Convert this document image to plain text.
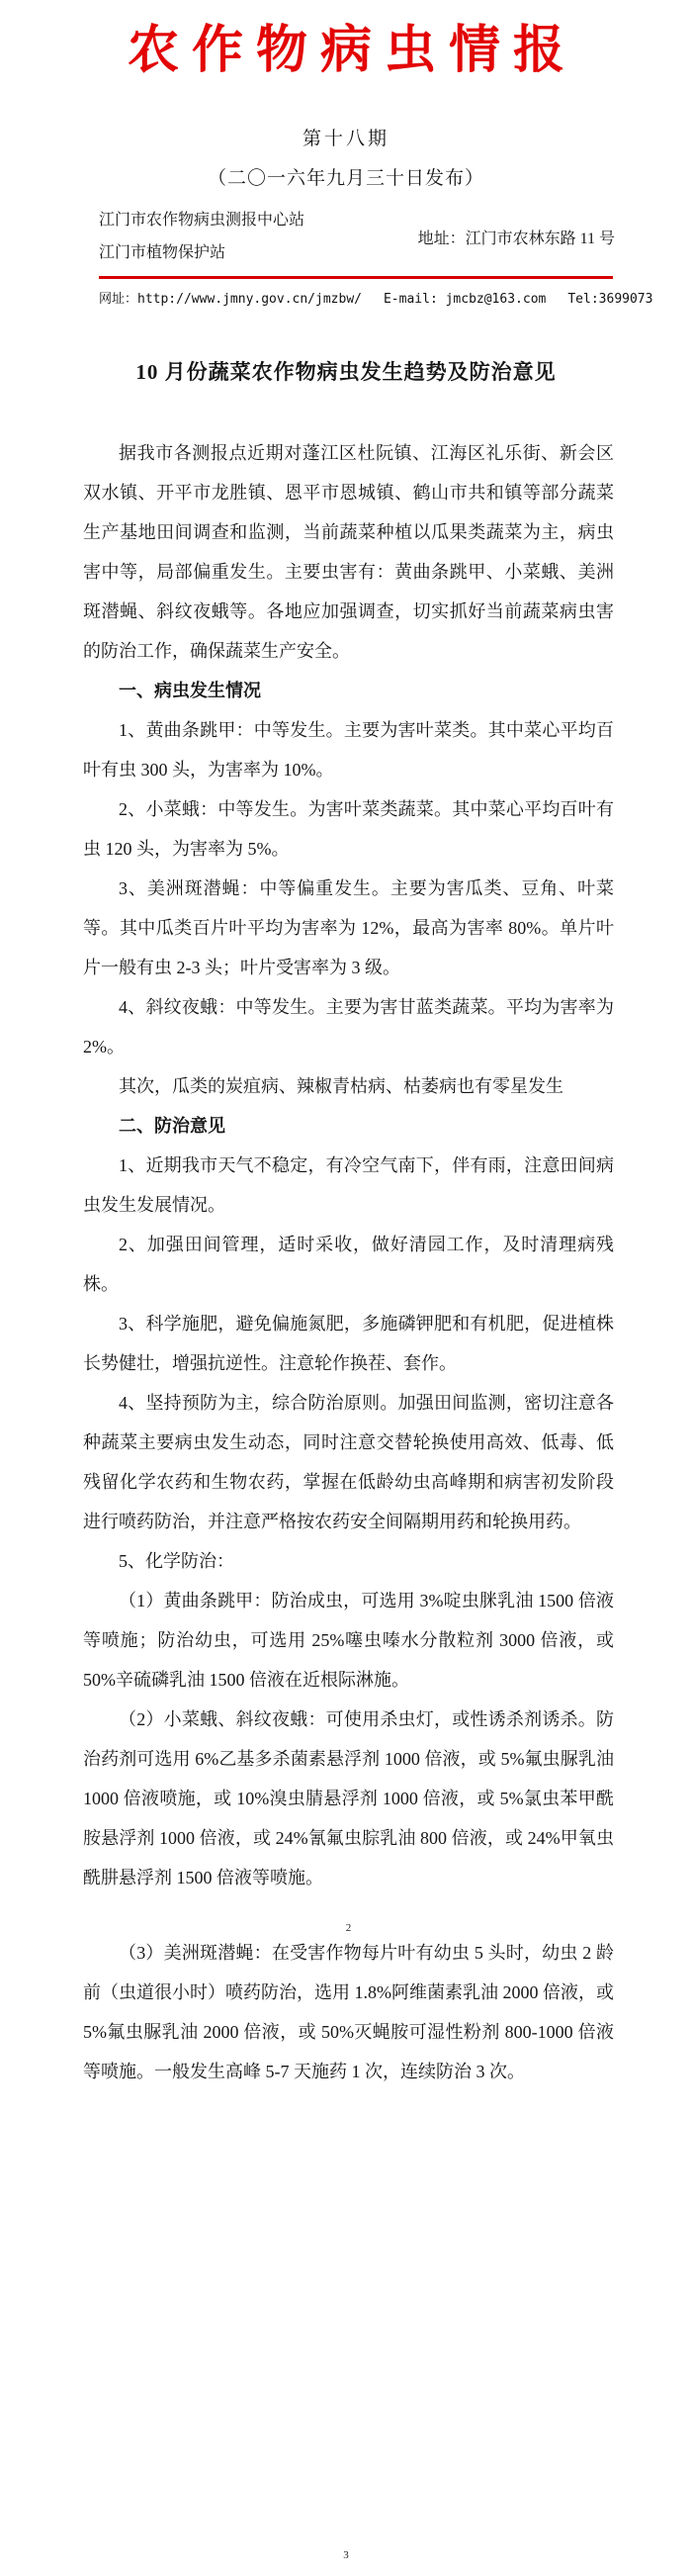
农作物病虫情报
第十八期
（二〇一六年九月三十日发布）
江门市农作物病虫测报中心站
江门市植物保护站
地址：江门市农林东路 11 号
网址：http://www.jmny.gov.cn/jmzbw/ E-mail: jmcbz@163.com Tel:3699073
10 月份蔬菜农作物病虫发生趋势及防治意见

据我市各测报点近期对蓬江区杜阮镇、江海区礼乐街、新会区双水镇、开平市龙胜镇、恩平市恩城镇、鹤山市共和镇等部分蔬菜生产基地田间调查和监测，当前蔬菜种植以瓜果类蔬菜为主，病虫害中等，局部偏重发生。主要虫害有：黄曲条跳甲、小菜蛾、美洲斑潜蝇、斜纹夜蛾等。各地应加强调查，切实抓好当前蔬菜病虫害的防治工作，确保蔬菜生产安全。

一、病虫发生情况

1、黄曲条跳甲：中等发生。主要为害叶菜类。其中菜心平均百叶有虫 300 头，为害率为 10%。

2、小菜蛾：中等发生。为害叶菜类蔬菜。其中菜心平均百叶有虫 120 头，为害率为 5%。

3、美洲斑潜蝇：中等偏重发生。主要为害瓜类、豆角、叶菜等。其中瓜类百片叶平均为害率为 12%，最高为害率 80%。单片叶片一般有虫 2-3 头；叶片受害率为 3 级。

4、斜纹夜蛾：中等发生。主要为害甘蓝类蔬菜。平均为害率为 2%。

其次，瓜类的炭疽病、辣椒青枯病、枯萎病也有零星发生

二、防治意见

1、近期我市天气不稳定，有冷空气南下，伴有雨，注意田间病虫发生发展情况。

2、加强田间管理，适时采收，做好清园工作，及时清理病残株。

3、科学施肥，避免偏施氮肥，多施磷钾肥和有机肥，促进植株长势健壮，增强抗逆性。注意轮作换茬、套作。

4、坚持预防为主，综合防治原则。加强田间监测，密切注意各种蔬菜主要病虫发生动态，同时注意交替轮换使用高效、低毒、低残留化学农药和生物农药，掌握在低龄幼虫高峰期和病害初发阶段进行喷药防治，并注意严格按农药安全间隔期用药和轮换用药。

5、化学防治：

（1）黄曲条跳甲：防治成虫，可选用 3%啶虫脒乳油 1500 倍液等喷施；防治幼虫，可选用 25%噻虫嗪水分散粒剂 3000 倍液，或 50%辛硫磷乳油 1500 倍液在近根际淋施。

（2）小菜蛾、斜纹夜蛾：可使用杀虫灯，或性诱杀剂诱杀。防治药剂可选用 6%乙基多杀菌素悬浮剂 1000 倍液，或 5%氟虫脲乳油 1000 倍液喷施，或 10%溴虫腈悬浮剂 1000 倍液，或 5%氯虫苯甲酰胺悬浮剂 1000 倍液，或 24%氰氟虫腙乳油 800 倍液，或 24%甲氧虫酰肼悬浮剂 1500 倍液等喷施。

2

（3）美洲斑潜蝇：在受害作物每片叶有幼虫 5 头时，幼虫 2 龄前（虫道很小时）喷药防治，选用 1.8%阿维菌素乳油 2000 倍液，或 5%氟虫脲乳油 2000 倍液，或 50%灭蝇胺可湿性粉剂 800-1000 倍液等喷施。一般发生高峰 5-7 天施药 1 次，连续防治 3 次。

3
